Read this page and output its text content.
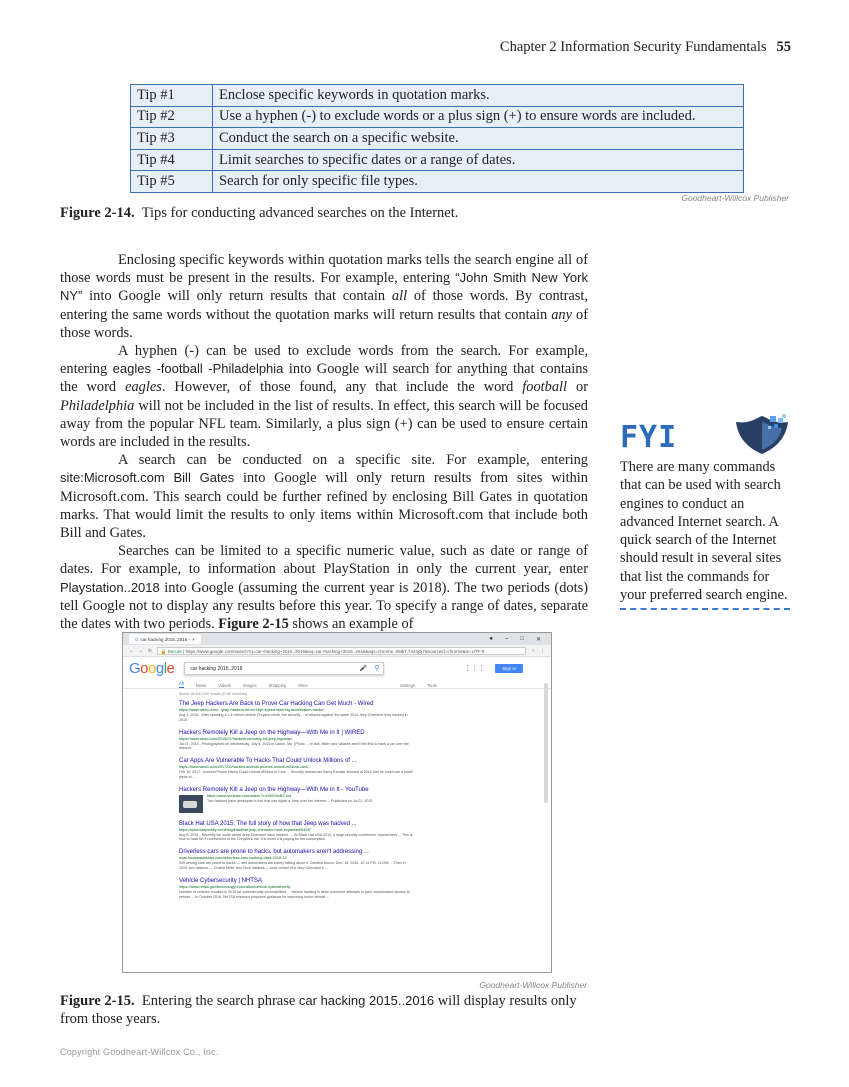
Chapter 2 Information Security Fundamentals 55
Tip #1	Enclose specific keywords in quotation marks.
Tip #2	Use a hyphen (-) to exclude words or a plus sign (+) to ensure words are included.
Tip #3	Conduct the search on a specific website.
Tip #4	Limit searches to specific dates or a range of dates.
Tip #5	Search for only specific file types.
Goodheart-Willcox Publisher
Figure 2-14. Tips for conducting advanced searches on the Internet.

Enclosing specific keywords within quotation marks tells the search engine all of those words must be present in the results. For example, entering “John Smith New York NY” into Google will only return results that contain all of those words. By contrast, entering the same words without the quotation marks will return results that contain any of those words.

A hyphen (-) can be used to exclude words from the search. For example, entering eagles -football -Philadelphia into Google will search for anything that contains the word eagles. However, of those found, any that include the word football or Philadelphia will not be included in the list of results. In effect, this search will be focused away from the popular NFL team. Similarly, a plus sign (+) can be used to ensure certain words are included in the results.

A search can be conducted on a specific site. For example, entering site:Microsoft.com Bill Gates into Google will only return results from sites within Microsoft.com. This search could be further refined by enclosing Bill Gates in quotation marks. That would limit the results to only items within Microsoft.com that include both Bill and Gates.

Searches can be limited to a specific numeric value, such as date or range of dates. For example, to information about PlayStation in only the current year, enter Playstation..2018 into Google (assuming the current year is 2018). The two periods (dots) tell Google not to display any results before this year. To specify a range of dates, separate the dates with two periods. Figure 2-15 shows an example of

FYI
There are many commands that can be used with search engines to conduct an advanced Internet search. A quick search of the Internet should result in several sites that list the commands for your preferred search engine.
G car hacking 2015..2016 - ×	● – □ ✕
← → ↻	🔒 Secure | https://www.google.com/search?q=car+hacking+2015..2016&oq=car+hacking+2015..2016&aqs=chrome..69i57.7343j0j7&sourceid=chrome&ie=UTF-8	☆ ⋮
Google	car hacking 2015..2016	🎤 ⚲	⋮⋮⋮	Sign in
All	News	Videos	Images	Shopping	More	Settings	Tools
About 18,600,000 results (0.56 seconds)
The Jeep Hackers Are Back to Prove Car Hacking Can Get Much - Wired
https://www.wired.com/.../jeep-hackers-return-high-speed-steering-acceleration-hacks/
Aug 1, 2016 - After sparking a 1.4 million vehicle Chrysler recall, the security ... of attacks against the same 2014 Jeep Cherokee they hacked in 2015.
Hackers Remotely Kill a Jeep on the Highway—With Me in It | WIRED
https://www.wired.com/2015/07/hackers-remotely-kill-jeep-highway/
Jul 21, 2015 - Photographed on Wednesday, July 8, 2015 in Ladue, Mo. (Photo ... In fact, Miller and Valasek aren't the first to hack a car over the Internet.
Car Apps Are Vulnerable To Hacks That Could Unlock Millions of ...
https://www.wired.com/2017/02/hacked-android-phones-unlock-millions-cars/
Feb 16, 2017 - Android Phone Hacks Could Unlock Millions of Cars ... Security researcher Samy Kamkar showed in 2015 that he could use a small piece of ...
Hackers Remotely Kill a Jeep on the Highway—With Me in It - YouTube
https://www.youtube.com/watch?v=MK0SrxBC1xs
Two hackers have developed a tool that can hijack a Jeep over the internet ... Published on Jul 21, 2015
Black Hat USA 2015: The full story of how that Jeep was hacked ...
https://www.kaspersky.com/blog/blackhat-jeep-cherokee-hack-explained/9493/
Aug 6, 2015 - Recently we wrote about Jeep Cherokee hack incident. ... At Black Hat USA 2015, a large security conference, researchers ... This is how to hack Wi-Fi connection of the Chrysler's car. It is worth it is paying for the subscription.
Driverless cars are prone to hacks, but automakers aren't addressing ...
www.businessinsider.com/driverless-cars-hacking-risks-2016-12
Self-driving cars are prone to hacks — and automakers are barely talking about it. Danielle Muoio. Dec. 18, 2016, 12:14 PM. 14,098 ... Then in 2015, two hackers — Charlie Miller and Chris Valasek — took control of a Jeep Cherokee's ...
Vehicle Cybersecurity | NHTSA
https://www.nhtsa.gov/technology-innovation/vehicle-cybersecurity
Number of vehicles recalled in 2015 for cybersecurity vulnerabilities ... Vehicle hacking is when someone attempts to gain unauthorized access to vehicle ... In October 2016, NHTSA released proposed guidance for improving motor vehicle ...
Goodheart-Willcox Publisher
Figure 2-15. Entering the search phrase car hacking 2015..2016 will display results only from those years.
Copyright Goodheart-Willcox Co., Inc.
